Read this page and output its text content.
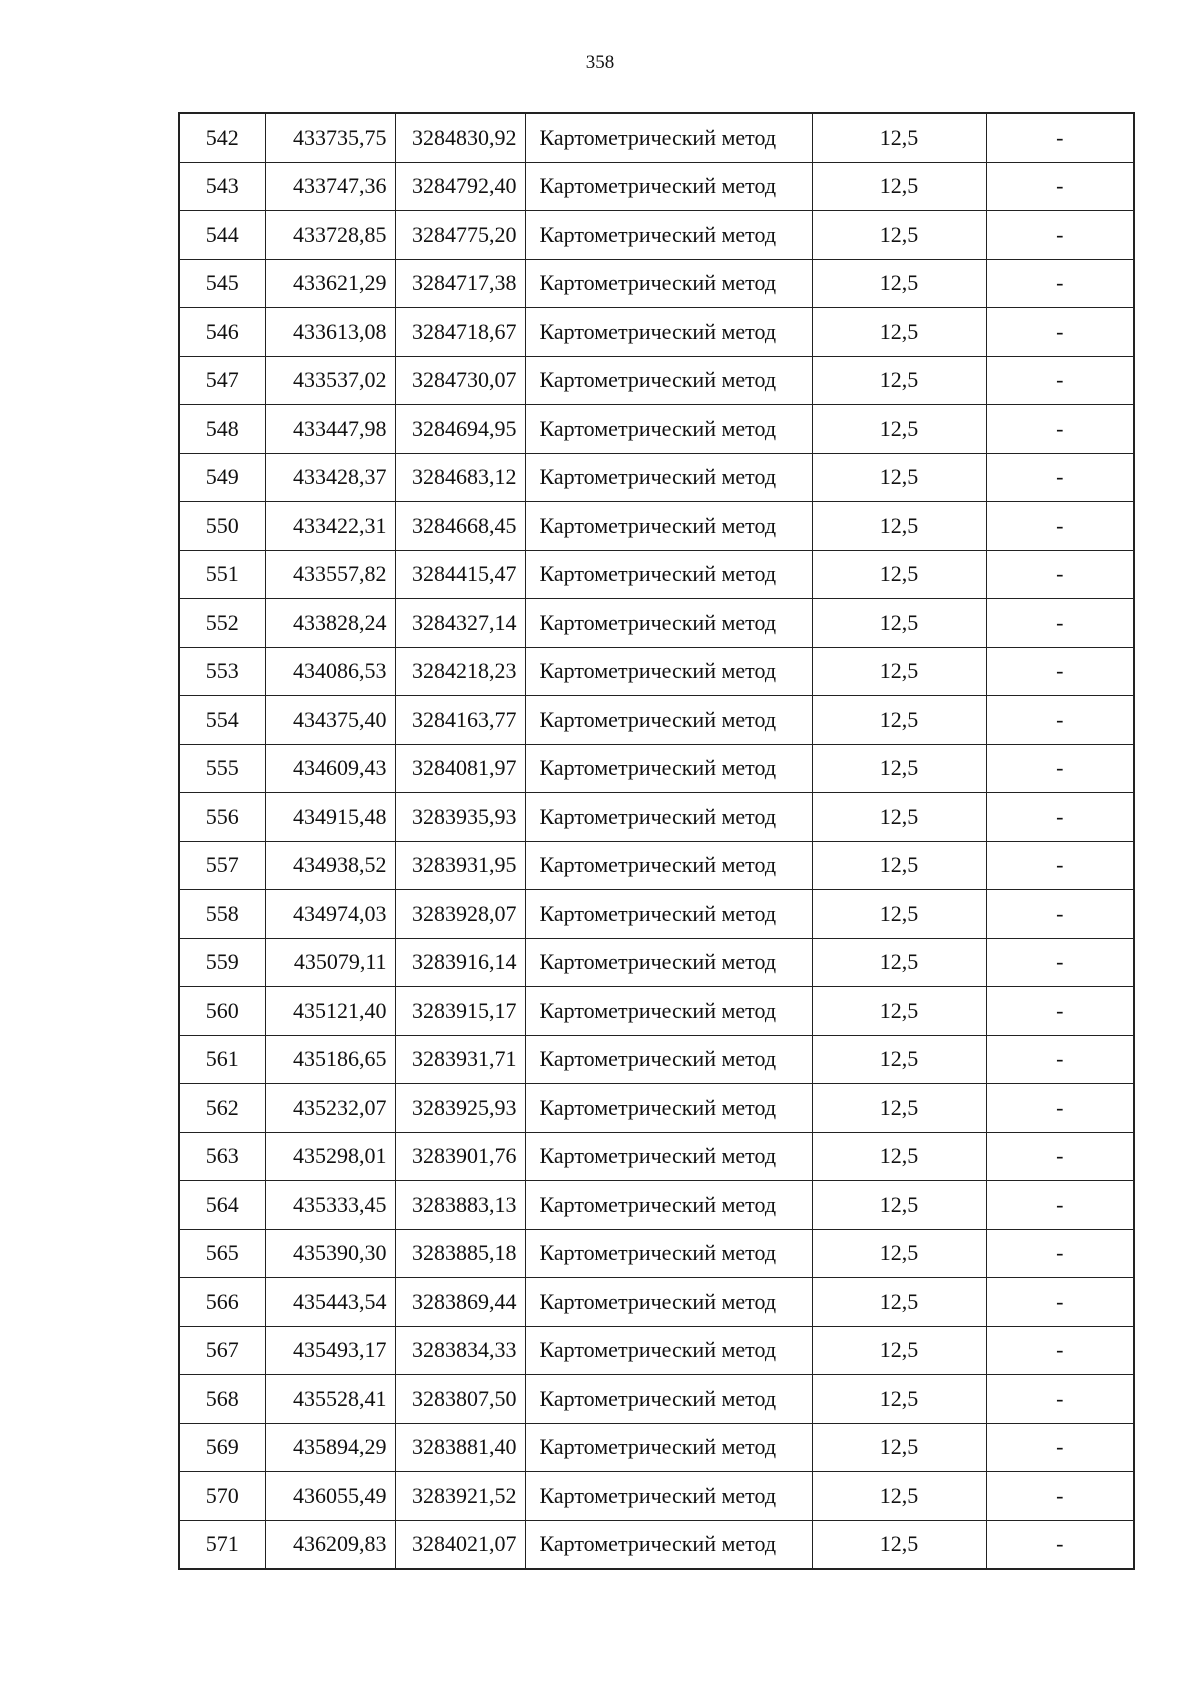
358
542	433735,75	3284830,92	Картометрический метод	12,5	-
543	433747,36	3284792,40	Картометрический метод	12,5	-
544	433728,85	3284775,20	Картометрический метод	12,5	-
545	433621,29	3284717,38	Картометрический метод	12,5	-
546	433613,08	3284718,67	Картометрический метод	12,5	-
547	433537,02	3284730,07	Картометрический метод	12,5	-
548	433447,98	3284694,95	Картометрический метод	12,5	-
549	433428,37	3284683,12	Картометрический метод	12,5	-
550	433422,31	3284668,45	Картометрический метод	12,5	-
551	433557,82	3284415,47	Картометрический метод	12,5	-
552	433828,24	3284327,14	Картометрический метод	12,5	-
553	434086,53	3284218,23	Картометрический метод	12,5	-
554	434375,40	3284163,77	Картометрический метод	12,5	-
555	434609,43	3284081,97	Картометрический метод	12,5	-
556	434915,48	3283935,93	Картометрический метод	12,5	-
557	434938,52	3283931,95	Картометрический метод	12,5	-
558	434974,03	3283928,07	Картометрический метод	12,5	-
559	435079,11	3283916,14	Картометрический метод	12,5	-
560	435121,40	3283915,17	Картометрический метод	12,5	-
561	435186,65	3283931,71	Картометрический метод	12,5	-
562	435232,07	3283925,93	Картометрический метод	12,5	-
563	435298,01	3283901,76	Картометрический метод	12,5	-
564	435333,45	3283883,13	Картометрический метод	12,5	-
565	435390,30	3283885,18	Картометрический метод	12,5	-
566	435443,54	3283869,44	Картометрический метод	12,5	-
567	435493,17	3283834,33	Картометрический метод	12,5	-
568	435528,41	3283807,50	Картометрический метод	12,5	-
569	435894,29	3283881,40	Картометрический метод	12,5	-
570	436055,49	3283921,52	Картометрический метод	12,5	-
571	436209,83	3284021,07	Картометрический метод	12,5	-
